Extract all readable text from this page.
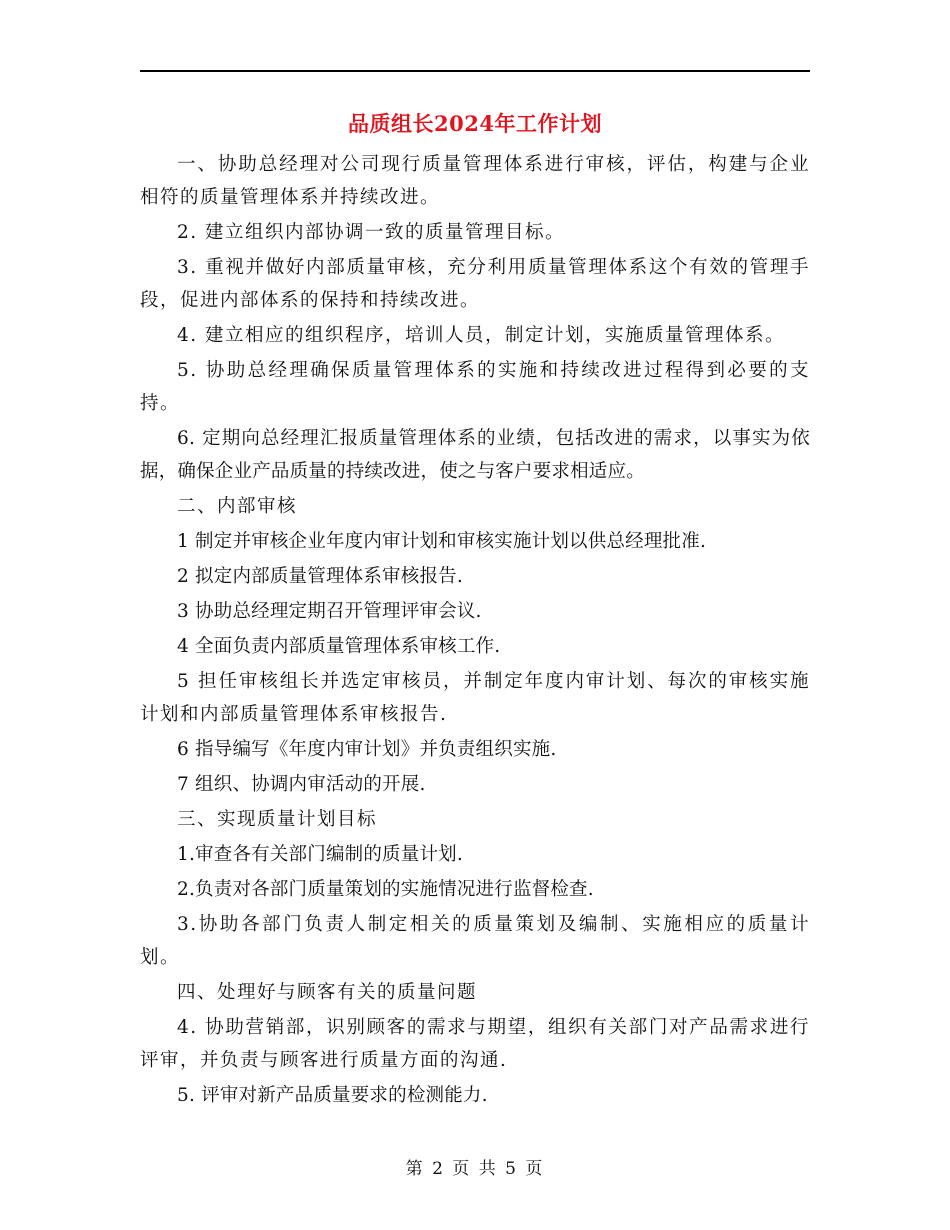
品质组长2024年工作计划

一、协助总经理对公司现行质量管理体系进行审核，评估，构建与企业相符的质量管理体系并持续改进。

2. 建立组织内部协调一致的质量管理目标。

3. 重视并做好内部质量审核，充分利用质量管理体系这个有效的管理手段，促进内部体系的保持和持续改进。

4. 建立相应的组织程序，培训人员，制定计划，实施质量管理体系。

5. 协助总经理确保质量管理体系的实施和持续改进过程得到必要的支持。

6. 定期向总经理汇报质量管理体系的业绩，包括改进的需求，以事实为依据，确保企业产品质量的持续改进，使之与客户要求相适应。

二、内部审核

1 制定并审核企业年度内审计划和审核实施计划以供总经理批准.

2 拟定内部质量管理体系审核报告.

3 协助总经理定期召开管理评审会议.

4 全面负责内部质量管理体系审核工作.

5 担任审核组长并选定审核员，并制定年度内审计划、每次的审核实施计划和内部质量管理体系审核报告.

6 指导编写《年度内审计划》并负责组织实施.

7 组织、协调内审活动的开展.

三、实现质量计划目标

1.审查各有关部门编制的质量计划.

2.负责对各部门质量策划的实施情况进行监督检查.

3.协助各部门负责人制定相关的质量策划及编制、实施相应的质量计划。

四、处理好与顾客有关的质量问题

4. 协助营销部，识别顾客的需求与期望，组织有关部门对产品需求进行评审，并负责与顾客进行质量方面的沟通.

5. 评审对新产品质量要求的检测能力.

第 2 页 共 5 页
